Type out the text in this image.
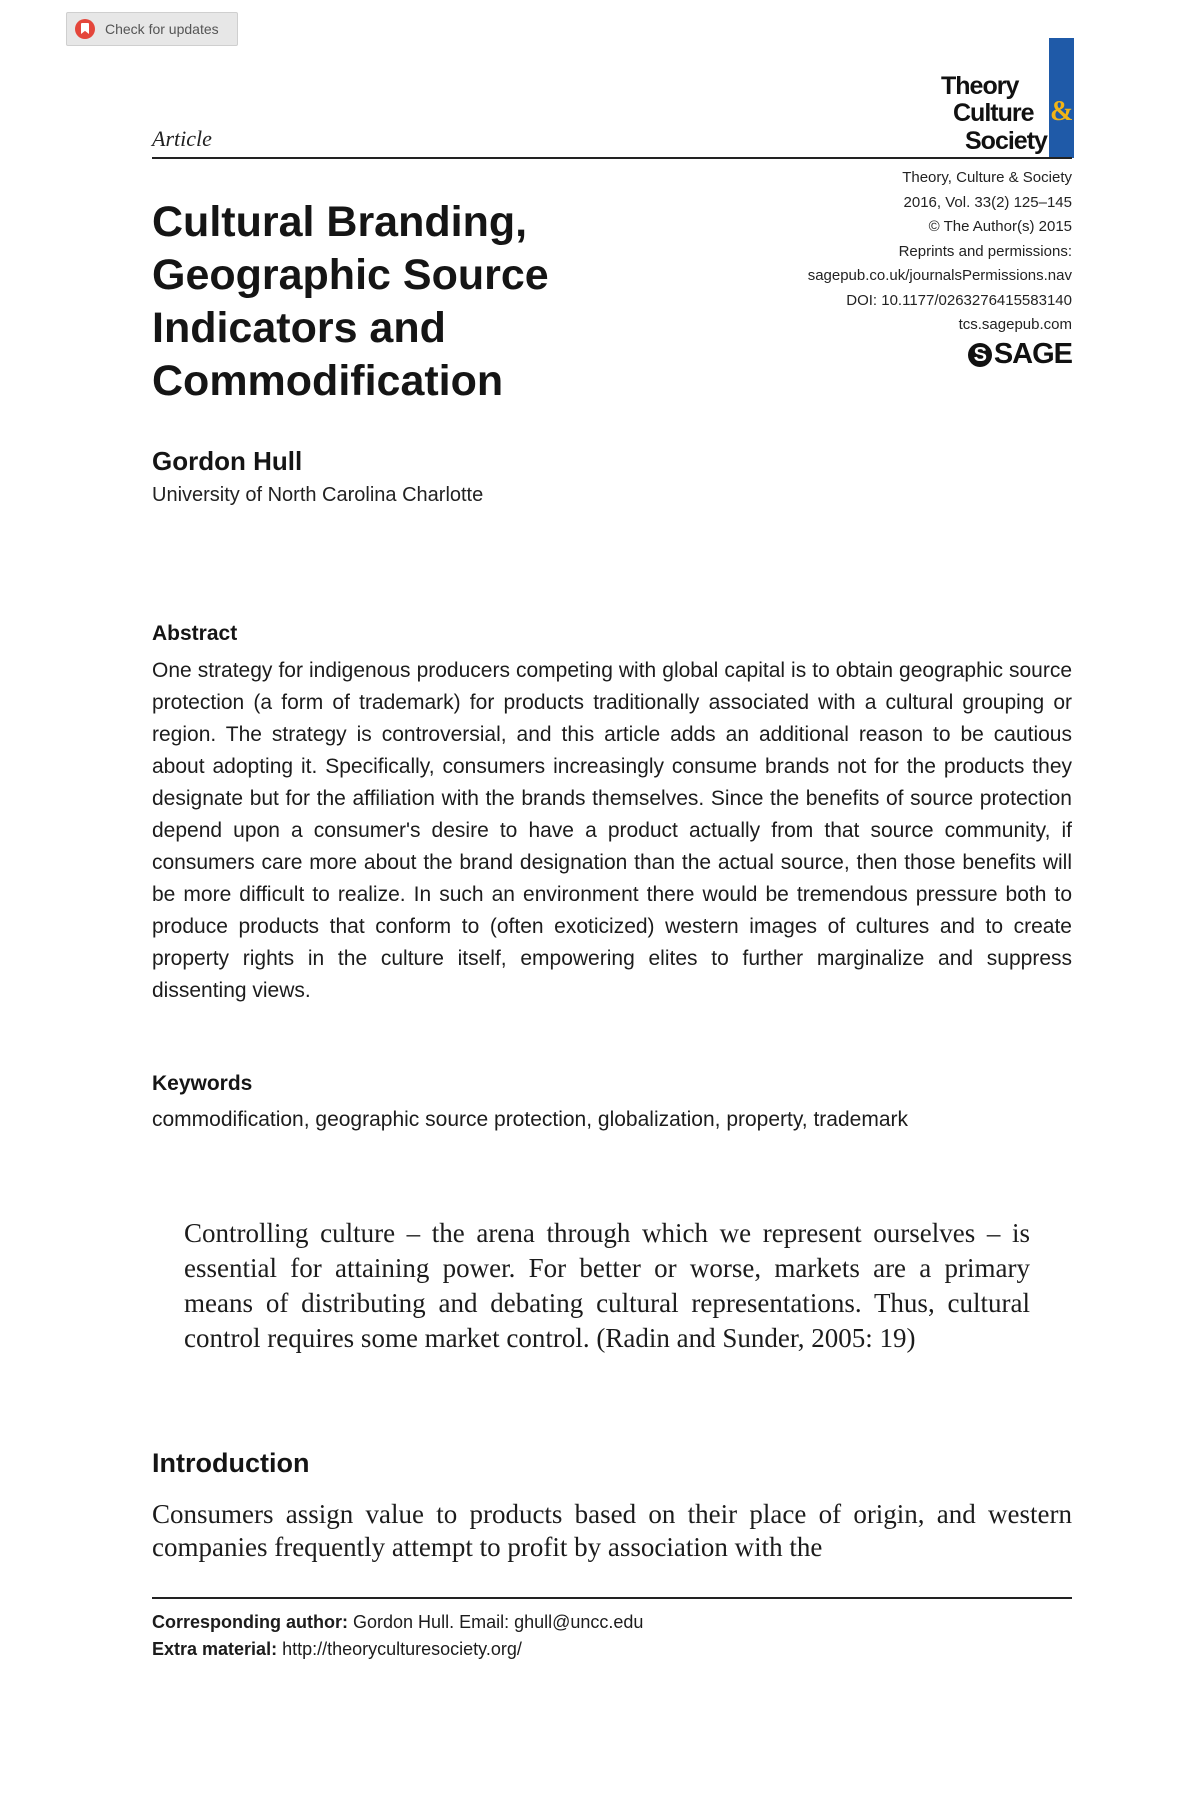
Check for updates
Theory
Culture
Society
&
Article
Cultural Branding, Geographic Source Indicators and Commodification
Theory, Culture & Society
2016, Vol. 33(2) 125–145
© The Author(s) 2015
Reprints and permissions:
sagepub.co.uk/journalsPermissions.nav
DOI: 10.1177/0263276415583140
tcs.sagepub.com
S SAGE
Gordon Hull
University of North Carolina Charlotte
Abstract
One strategy for indigenous producers competing with global capital is to obtain geographic source protection (a form of trademark) for products traditionally associated with a cultural grouping or region. The strategy is controversial, and this article adds an additional reason to be cautious about adopting it. Specifically, consumers increasingly consume brands not for the products they designate but for the affiliation with the brands themselves. Since the benefits of source protection depend upon a consumer's desire to have a product actually from that source community, if consumers care more about the brand designation than the actual source, then those benefits will be more difficult to realize. In such an environment there would be tremendous pressure both to produce products that conform to (often exoticized) western images of cultures and to create property rights in the culture itself, empowering elites to further marginalize and suppress dissenting views.
Keywords
commodification, geographic source protection, globalization, property, trademark
Controlling culture – the arena through which we represent ourselves – is essential for attaining power. For better or worse, markets are a primary means of distributing and debating cultural representations. Thus, cultural control requires some market control. (Radin and Sunder, 2005: 19)
Introduction
Consumers assign value to products based on their place of origin, and western companies frequently attempt to profit by association with the
Corresponding author: Gordon Hull. Email: ghull@uncc.edu
Extra material: http://theoryculturesociety.org/
